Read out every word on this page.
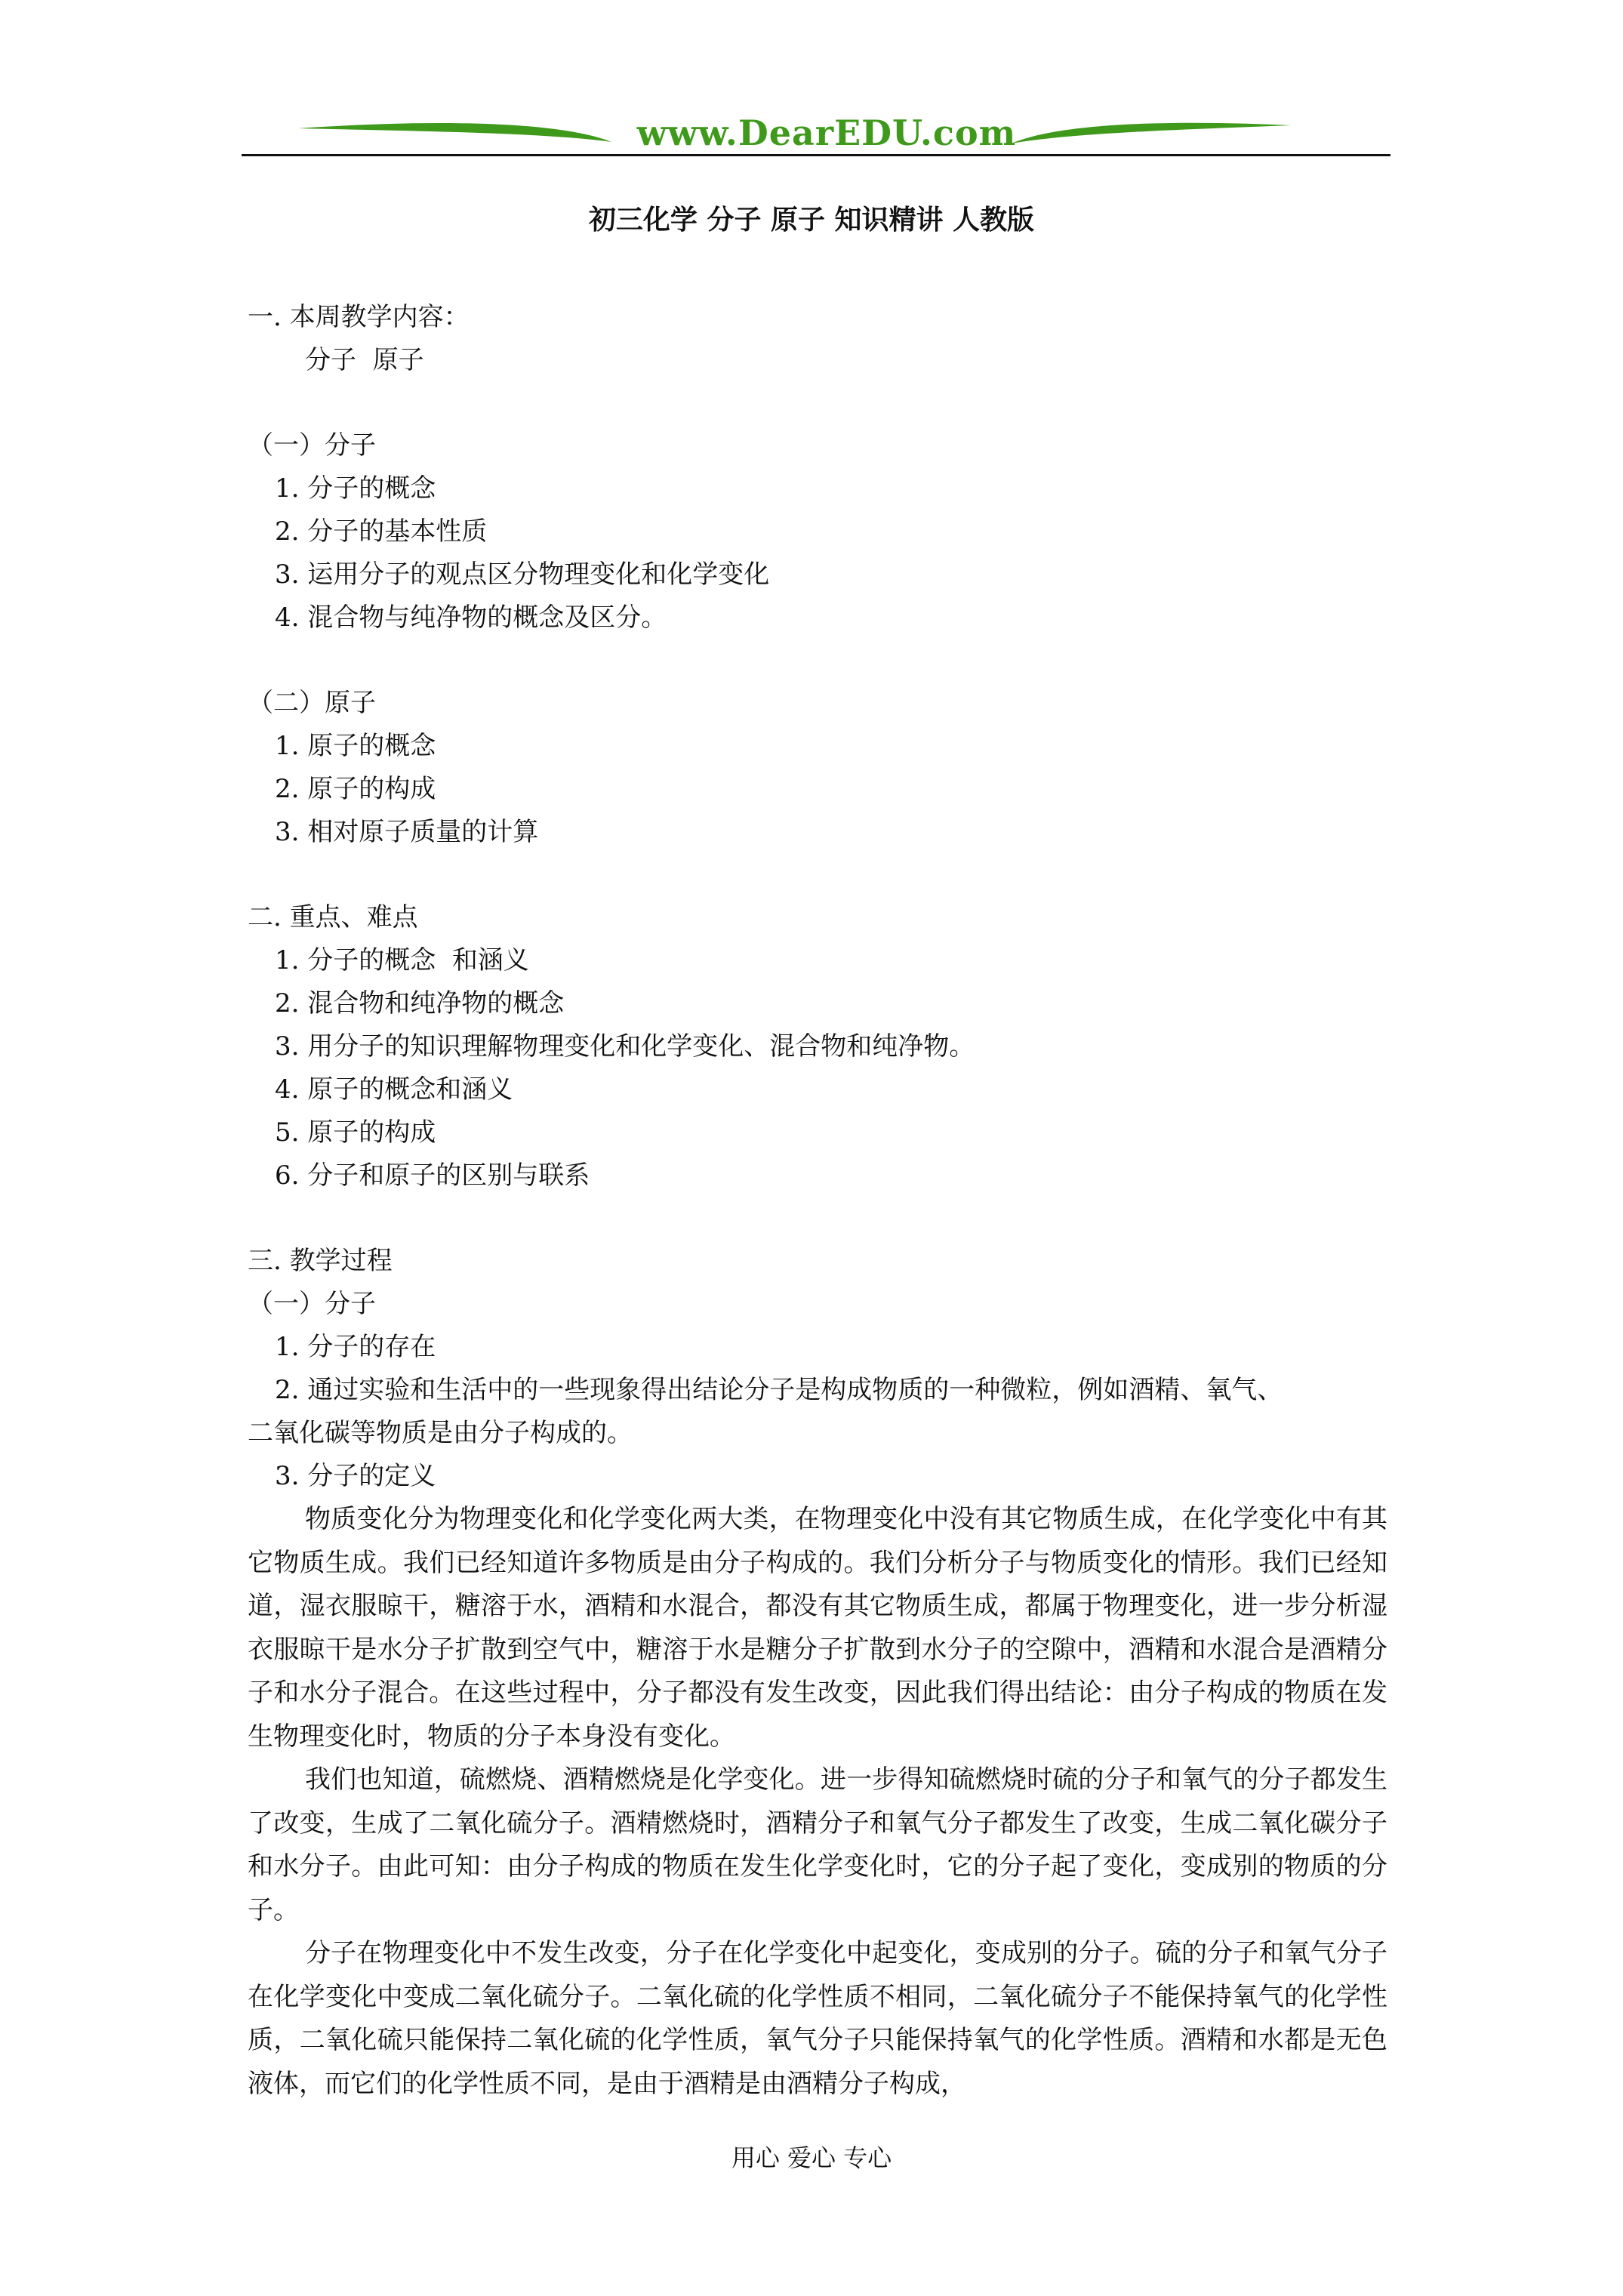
www.DearEDU.com
初三化学 分子 原子 知识精讲 人教版
一. 本周教学内容：
分子  原子
（一）分子
1. 分子的概念
2. 分子的基本性质
3. 运用分子的观点区分物理变化和化学变化
4. 混合物与纯净物的概念及区分。
（二）原子
1. 原子的概念
2. 原子的构成
3. 相对原子质量的计算
二. 重点、难点
1. 分子的概念  和涵义
2. 混合物和纯净物的概念
3. 用分子的知识理解物理变化和化学变化、混合物和纯净物。
4. 原子的概念和涵义
5. 原子的构成
6. 分子和原子的区别与联系
三. 教学过程
（一）分子
1. 分子的存在
2. 通过实验和生活中的一些现象得出结论分子是构成物质的一种微粒，例如酒精、氧气、
二氧化碳等物质是由分子构成的。
3. 分子的定义
物质变化分为物理变化和化学变化两大类，在物理变化中没有其它物质生成，在化学变化中有其它物质生成。我们已经知道许多物质是由分子构成的。我们分析分子与物质变化的情形。我们已经知道，湿衣服晾干，糖溶于水，酒精和水混合，都没有其它物质生成，都属于物理变化，进一步分析湿衣服晾干是水分子扩散到空气中，糖溶于水是糖分子扩散到水分子的空隙中，酒精和水混合是酒精分子和水分子混合。在这些过程中，分子都没有发生改变，因此我们得出结论：由分子构成的物质在发生物理变化时，物质的分子本身没有变化。
我们也知道，硫燃烧、酒精燃烧是化学变化。进一步得知硫燃烧时硫的分子和氧气的分子都发生了改变，生成了二氧化硫分子。酒精燃烧时，酒精分子和氧气分子都发生了改变，生成二氧化碳分子和水分子。由此可知：由分子构成的物质在发生化学变化时，它的分子起了变化，变成别的物质的分子。
分子在物理变化中不发生改变，分子在化学变化中起变化，变成别的分子。硫的分子和氧气分子在化学变化中变成二氧化硫分子。二氧化硫的化学性质不相同，二氧化硫分子不能保持氧气的化学性质，二氧化硫只能保持二氧化硫的化学性质，氧气分子只能保持氧气的化学性质。酒精和水都是无色液体，而它们的化学性质不同，是由于酒精是由酒精分子构成，
用心 爱心 专心
